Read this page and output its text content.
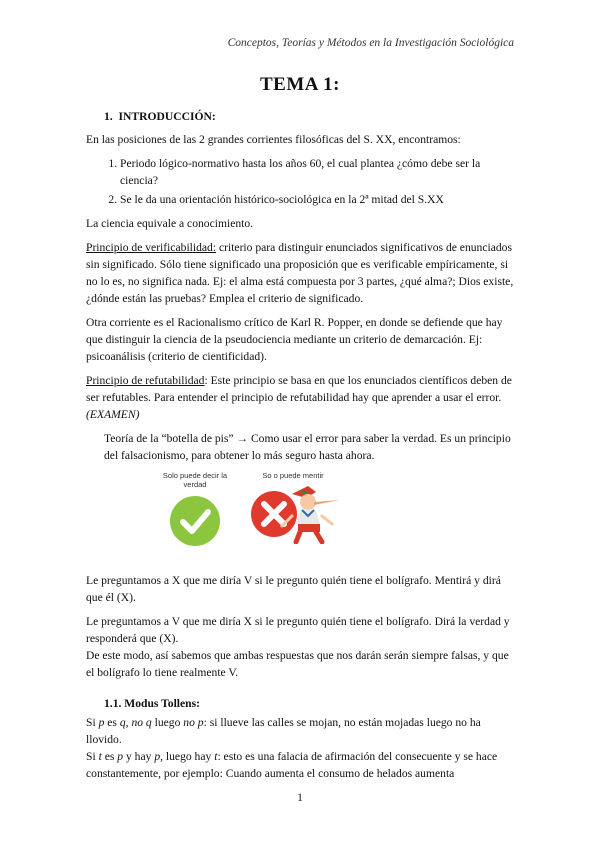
Conceptos, Teorías y Métodos en la Investigación Sociológica
TEMA 1:
1. INTRODUCCIÓN:

En las posiciones de las 2 grandes corrientes filosóficas del S. XX, encontramos:

1. Periodo lógico-normativo hasta los años 60, el cual plantea ¿cómo debe ser la ciencia?
2. Se le da una orientación histórico-sociológica en la 2ª mitad del S.XX

La ciencia equivale a conocimiento.

Principio de verificabilidad: criterio para distinguir enunciados significativos de enunciados sin significado. Sólo tiene significado una proposición que es verificable empíricamente, si no lo es, no significa nada. Ej: el alma está compuesta por 3 partes, ¿qué alma?; Dios existe, ¿dónde están las pruebas? Emplea el criterio de significado.

Otra corriente es el Racionalismo crítico de Karl R. Popper, en donde se defiende que hay que distinguir la ciencia de la pseudociencia mediante un criterio de demarcación. Ej: psicoanálisis (criterio de cientificidad).

Principio de refutabilidad: Este principio se basa en que los enunciados científicos deben de ser refutables. Para entender el principio de refutabilidad hay que aprender a usar el error. (EXAMEN)

Teoría de la “botella de pis” → Como usar el error para saber la verdad. Es un principio del falsacionismo, para obtener lo más seguro hasta ahora.

Solo puede decir la verdad
So o puede mentir

Le preguntamos a X que me diría V si le pregunto quién tiene el bolígrafo. Mentirá y dirá que él (X).

Le preguntamos a V que me diría X si le pregunto quién tiene el bolígrafo. Dirá la verdad y responderá que (X).

De este modo, así sabemos que ambas respuestas que nos darán serán siempre falsas, y que el bolígrafo lo tiene realmente V.

1.1. Modus Tollens:

Si p es q, no q luego no p: si llueve las calles se mojan, no están mojadas luego no ha llovido.

Si t es p y hay p, luego hay t: esto es una falacia de afirmación del consecuente y se hace constantemente, por ejemplo: Cuando aumenta el consumo de helados aumenta

1
